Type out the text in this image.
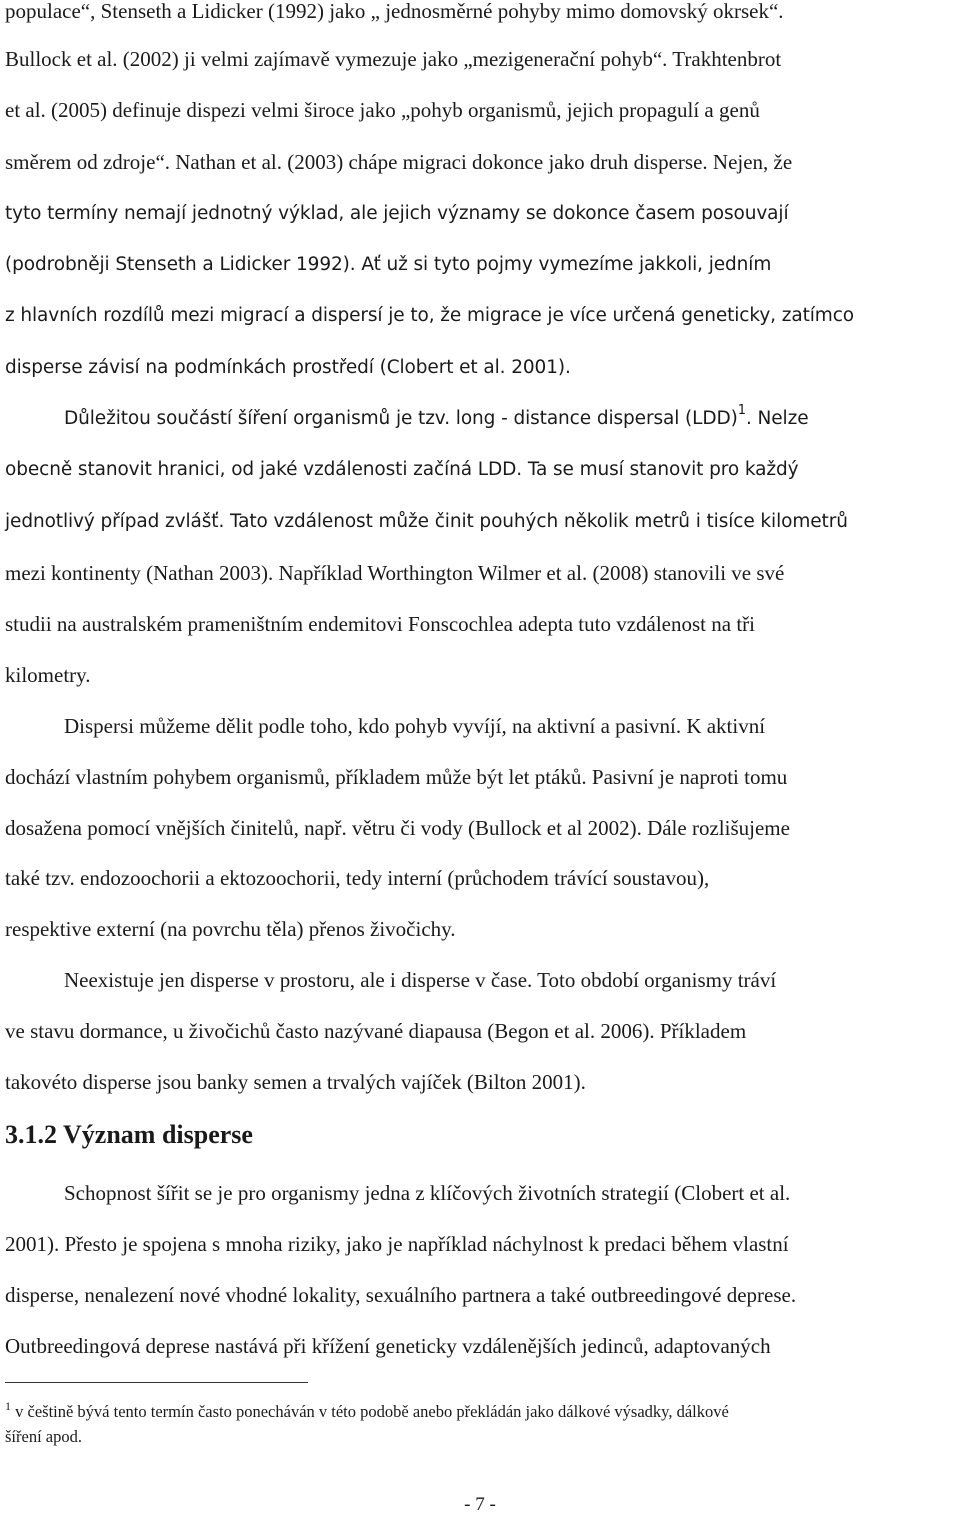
populace“, Stenseth a Lidicker (1992) jako „ jednosměrné pohyby mimo domovský okrsek“.
Bullock et al. (2002) ji velmi zajímavě vymezuje jako „mezigenerační pohyb“. Trakhtenbrot
et al. (2005) definuje dispezi velmi široce jako „pohyb organismů, jejich propagulí a genů
směrem od zdroje“. Nathan et al. (2003) chápe migraci dokonce jako druh disperse. Nejen, že
tyto termíny nemají jednotný výklad, ale jejich významy se dokonce časem posouvají
(podrobněji Stenseth a Lidicker 1992). Ať už si tyto pojmy vymezíme jakkoli, jedním
z hlavních rozdílů mezi migrací a dispersí je to, že migrace je více určená geneticky, zatímco
disperse závisí na podmínkách prostředí (Clobert et al. 2001).
Důležitou součástí šíření organismů je tzv. long - distance dispersal (LDD)$^1$. Nelze
obecně stanovit hranici, od jaké vzdálenosti začíná LDD. Ta se musí stanovit pro každý
jednotlivý případ zvlášť. Tato vzdálenost může činit pouhých několik metrů i tisíce kilometrů
mezi kontinenty (Nathan 2003). Například Worthington Wilmer et al. (2008) stanovili ve své
studii na australském prameništním endemitovi Fonscochlea adepta tuto vzdálenost na tři
kilometry.
Dispersi můžeme dělit podle toho, kdo pohyb vyvíjí, na aktivní a pasivní. K aktivní
dochází vlastním pohybem organismů, příkladem může být let ptáků. Pasivní je naproti tomu
dosažena pomocí vnějších činitelů, např. větru či vody (Bullock et al 2002). Dále rozlišujeme
také tzv. endozoochorii a ektozoochorii, tedy interní (průchodem trávící soustavou),
respektive externí (na povrchu těla) přenos živočichy.
Neexistuje jen disperse v prostoru, ale i disperse v čase. Toto období organismy tráví
ve stavu dormance, u živočichů často nazývané diapausa (Begon et al. 2006). Příkladem
takovéto disperse jsou banky semen a trvalých vajíček (Bilton 2001).
3.1.2 Význam disperse
Schopnost šířit se je pro organismy jedna z klíčových životních strategií (Clobert et al.
2001). Přesto je spojena s mnoha riziky, jako je například náchylnost k predaci během vlastní
disperse, nenalezení nové vhodné lokality, sexuálního partnera a také outbreedingové deprese.
Outbreedingová deprese nastává při křížení geneticky vzdálenějších jedinců, adaptovaných
$^1$ v češtině bývá tento termín často ponecháván v této podobě anebo překládán jako dálkové výsadky, dálkové
šíření apod.
- 7 -
